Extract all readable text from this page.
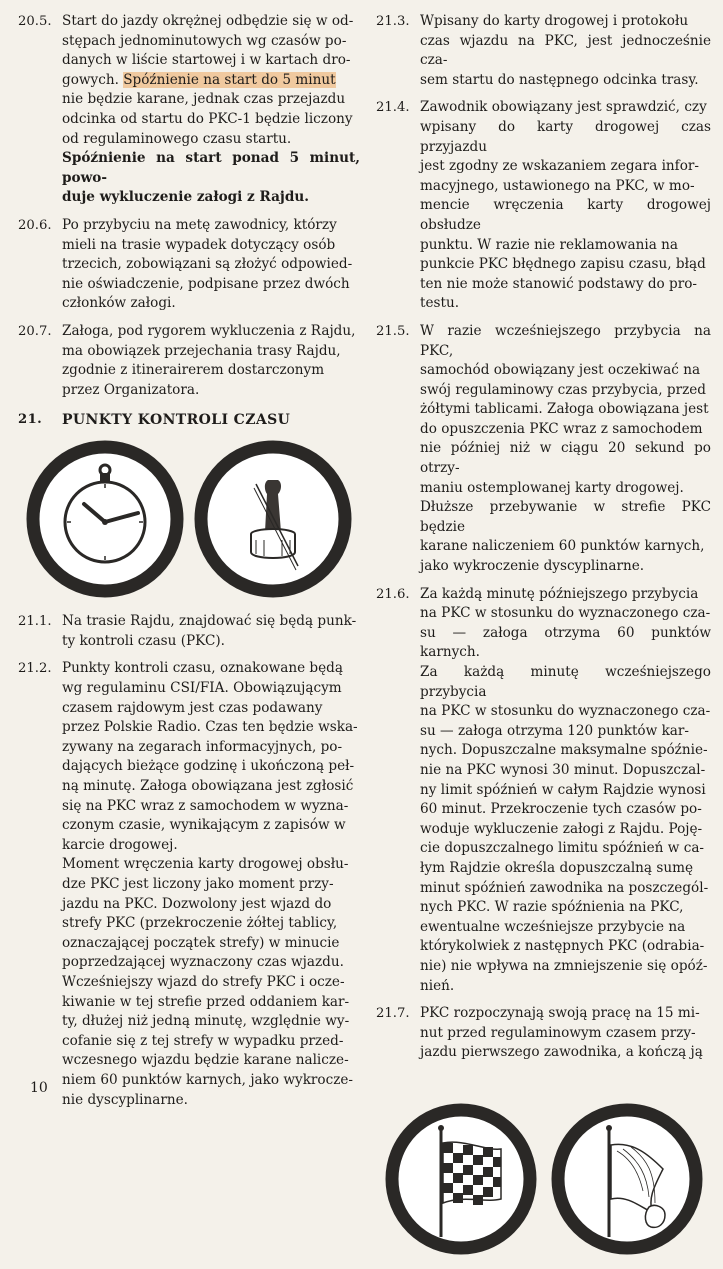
20.5. Start do jazdy okrężnej odbędzie się w od-
stępach jednominutowych wg czasów po-
danych w liście startowej i w kartach dro-
gowych. Spóźnienie na start do 5 minut
nie będzie karane, jednak czas przejazdu
odcinka od startu do PKC-1 będzie liczony
od regulaminowego czasu startu.
Spóźnienie na start ponad 5 minut, powo-
duje wykluczenie załogi z Rajdu.
20.6. Po przybyciu na metę zawodnicy, którzy
mieli na trasie wypadek dotyczący osób
trzecich, zobowiązani są złożyć odpowied-
nie oświadczenie, podpisane przez dwóch
członków załogi.
20.7. Załoga, pod rygorem wykluczenia z Rajdu,
ma obowiązek przejechania trasy Rajdu,
zgodnie z itinerairerem dostarczonym
przez Organizatora.
21.	PUNKTY KONTROLI CZASU
21.1. Na trasie Rajdu, znajdować się będą punk-
ty kontroli czasu (PKC).
21.2. Punkty kontroli czasu, oznakowane będą
wg regulaminu CSI/FIA. Obowiązującym
czasem rajdowym jest czas podawany
przez Polskie Radio. Czas ten będzie wska-
zywany na zegarach informacyjnych, po-
dających bieżące godzinę i ukończoną peł-
ną minutę. Załoga obowiązana jest zgłosić
się na PKC wraz z samochodem w wyzna-
czonym czasie, wynikającym z zapisów w
karcie drogowej.
Moment wręczenia karty drogowej obsłu-
dze PKC jest liczony jako moment przy-
jazdu na PKC. Dozwolony jest wjazd do
strefy PKC (przekroczenie żółtej tablicy,
oznaczającej początek strefy) w minucie
poprzedzającej wyznaczony czas wjazdu.
Wcześniejszy wjazd do strefy PKC i ocze-
kiwanie w tej strefie przed oddaniem kar-
ty, dłużej niż jedną minutę, względnie wy-
cofanie się z tej strefy w wypadku przed-
wczesnego wjazdu będzie karane nalicze-
niem 60 punktów karnych, jako wykrocze-
nie dyscyplinarne.
21.3. Wpisany do karty drogowej i protokołu
czas wjazdu na PKC, jest jednocześnie cza-
sem startu do następnego odcinka trasy.
21.4. Zawodnik obowiązany jest sprawdzić, czy
wpisany do karty drogowej czas przyjazdu
jest zgodny ze wskazaniem zegara infor-
macyjnego, ustawionego na PKC, w mo-
mencie wręczenia karty drogowej obsłudze
punktu. W razie nie reklamowania na
punkcie PKC błędnego zapisu czasu, błąd
ten nie może stanowić podstawy do pro-
testu.
21.5. W razie wcześniejszego przybycia na PKC,
samochód obowiązany jest oczekiwać na
swój regulaminowy czas przybycia, przed
żółtymi tablicami. Załoga obowiązana jest
do opuszczenia PKC wraz z samochodem
nie później niż w ciągu 20 sekund po otrzy-
maniu ostemplowanej karty drogowej.
Dłuższe przebywanie w strefie PKC będzie
karane naliczeniem 60 punktów karnych,
jako wykroczenie dyscyplinarne.
21.6. Za każdą minutę późniejszego przybycia
na PKC w stosunku do wyznaczonego cza-
su — załoga otrzyma 60 punktów karnych.
Za każdą minutę wcześniejszego przybycia
na PKC w stosunku do wyznaczonego cza-
su — załoga otrzyma 120 punktów kar-
nych. Dopuszczalne maksymalne spóźnie-
nie na PKC wynosi 30 minut. Dopuszczal-
ny limit spóźnień w całym Rajdzie wynosi
60 minut. Przekroczenie tych czasów po-
woduje wykluczenie załogi z Rajdu. Poję-
cie dopuszczalnego limitu spóźnień w ca-
łym Rajdzie określa dopuszczalną sumę
minut spóźnień zawodnika na poszczegól-
nych PKC. W razie spóźnienia na PKC,
ewentualne wcześniejsze przybycie na
którykolwiek z następnych PKC (odrabia-
nie) nie wpływa na zmniejszenie się opóź-
nień.
21.7. PKC rozpoczynają swoją pracę na 15 mi-
nut przed regulaminowym czasem przy-
jazdu pierwszego zawodnika, a kończą ją
10
